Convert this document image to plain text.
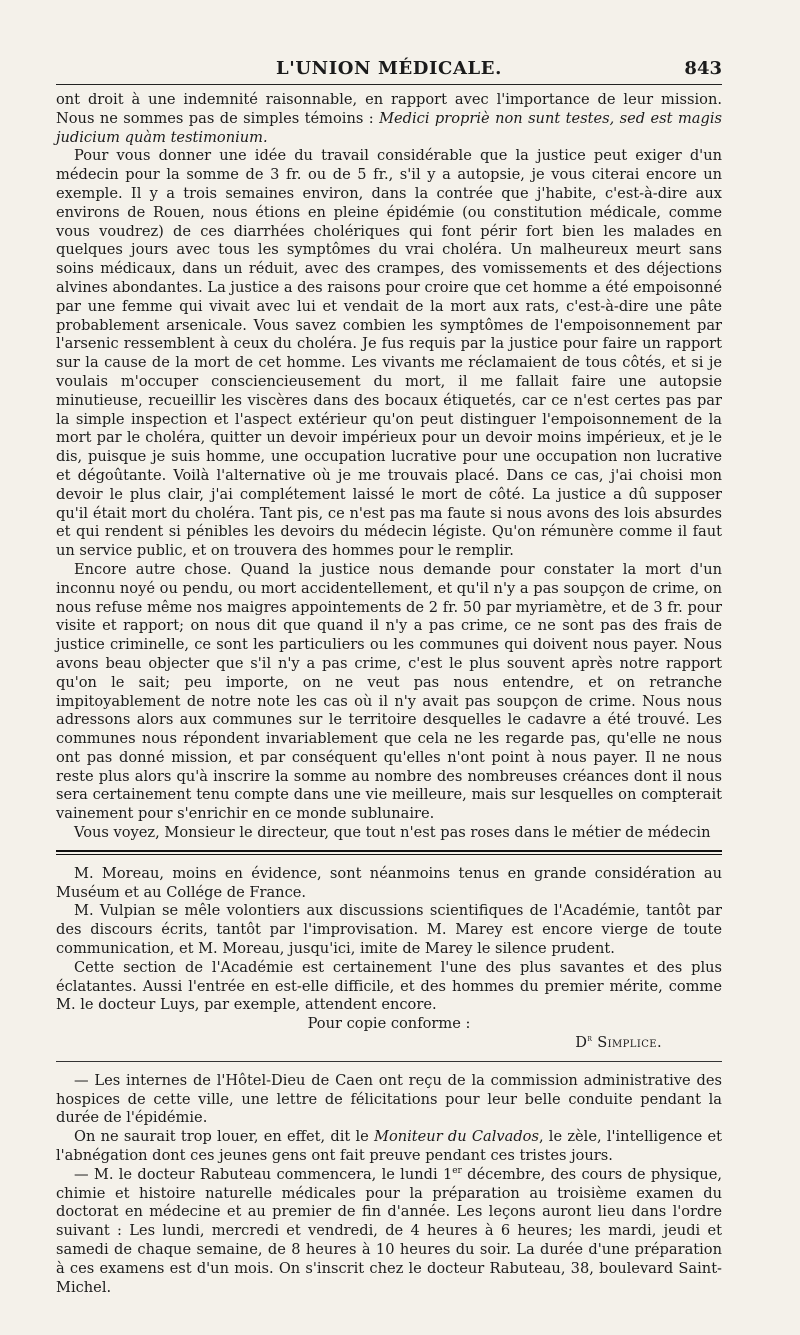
L'UNION MÉDICALE.	843

ont droit à une indemnité raisonnable, en rapport avec l'importance de leur mission. Nous ne sommes pas de simples témoins : Medici propriè non sunt testes, sed est magis judicium quàm testimonium.

Pour vous donner une idée du travail considérable que la justice peut exiger d'un médecin pour la somme de 3 fr. ou de 5 fr., s'il y a autopsie, je vous citerai encore un exemple. Il y a trois semaines environ, dans la contrée que j'habite, c'est-à-dire aux environs de Rouen, nous étions en pleine épidémie (ou constitution médicale, comme vous voudrez) de ces diarrhées cholériques qui font périr fort bien les malades en quelques jours avec tous les symptômes du vrai choléra. Un malheureux meurt sans soins médicaux, dans un réduit, avec des crampes, des vomissements et des déjections alvines abondantes. La justice a des raisons pour croire que cet homme a été empoisonné par une femme qui vivait avec lui et vendait de la mort aux rats, c'est-à-dire une pâte probablement arsenicale. Vous savez combien les symptômes de l'empoisonnement par l'arsenic ressemblent à ceux du choléra. Je fus requis par la justice pour faire un rapport sur la cause de la mort de cet homme. Les vivants me réclamaient de tous côtés, et si je voulais m'occuper consciencieusement du mort, il me fallait faire une autopsie minutieuse, recueillir les viscères dans des bocaux étiquetés, car ce n'est certes pas par la simple inspection et l'aspect extérieur qu'on peut distinguer l'empoisonnement de la mort par le choléra, quitter un devoir impérieux pour un devoir moins impérieux, et je le dis, puisque je suis homme, une occupation lucrative pour une occupation non lucrative et dégoûtante. Voilà l'alternative où je me trouvais placé. Dans ce cas, j'ai choisi mon devoir le plus clair, j'ai complétement laissé le mort de côté. La justice a dû supposer qu'il était mort du choléra. Tant pis, ce n'est pas ma faute si nous avons des lois absurdes et qui rendent si pénibles les devoirs du médecin légiste. Qu'on rémunère comme il faut un service public, et on trouvera des hommes pour le remplir.

Encore autre chose. Quand la justice nous demande pour constater la mort d'un inconnu noyé ou pendu, ou mort accidentellement, et qu'il n'y a pas soupçon de crime, on nous refuse même nos maigres appointements de 2 fr. 50 par myriamètre, et de 3 fr. pour visite et rapport; on nous dit que quand il n'y a pas crime, ce ne sont pas des frais de justice criminelle, ce sont les particuliers ou les communes qui doivent nous payer. Nous avons beau objecter que s'il n'y a pas crime, c'est le plus souvent après notre rapport qu'on le sait; peu importe, on ne veut pas nous entendre, et on retranche impitoyablement de notre note les cas où il n'y avait pas soupçon de crime. Nous nous adressons alors aux communes sur le territoire desquelles le cadavre a été trouvé. Les communes nous répondent invariablement que cela ne les regarde pas, qu'elle ne nous ont pas donné mission, et par conséquent qu'elles n'ont point à nous payer. Il ne nous reste plus alors qu'à inscrire la somme au nombre des nombreuses créances dont il nous sera certainement tenu compte dans une vie meilleure, mais sur lesquelles on compterait vainement pour s'enrichir en ce monde sublunaire.

Vous voyez, Monsieur le directeur, que tout n'est pas roses dans le métier de médecin

M. Moreau, moins en évidence, sont néanmoins tenus en grande considération au Muséum et au Collége de France.

M. Vulpian se mêle volontiers aux discussions scientifiques de l'Académie, tantôt par des discours écrits, tantôt par l'improvisation. M. Marey est encore vierge de toute communication, et M. Moreau, jusqu'ici, imite de Marey le silence prudent.

Cette section de l'Académie est certainement l'une des plus savantes et des plus éclatantes. Aussi l'entrée en est-elle difficile, et des hommes du premier mérite, comme M. le docteur Luys, par exemple, attendent encore.

Pour copie conforme :

$D^r$ Simplice.

— Les internes de l'Hôtel-Dieu de Caen ont reçu de la commission administrative des hospices de cette ville, une lettre de félicitations pour leur belle conduite pendant la durée de l'épidémie.

On ne saurait trop louer, en effet, dit le Moniteur du Calvados, le zèle, l'intelligence et l'abnégation dont ces jeunes gens ont fait preuve pendant ces tristes jours.

— M. le docteur Rabuteau commencera, le lundi 1er décembre, des cours de physique, chimie et histoire naturelle médicales pour la préparation au troisième examen du doctorat en médecine et au premier de fin d'année. Les leçons auront lieu dans l'ordre suivant : Les lundi, mercredi et vendredi, de 4 heures à 6 heures; les mardi, jeudi et samedi de chaque semaine, de 8 heures à 10 heures du soir. La durée d'une préparation à ces examens est d'un mois. On s'inscrit chez le docteur Rabuteau, 38, boulevard Saint-Michel.
